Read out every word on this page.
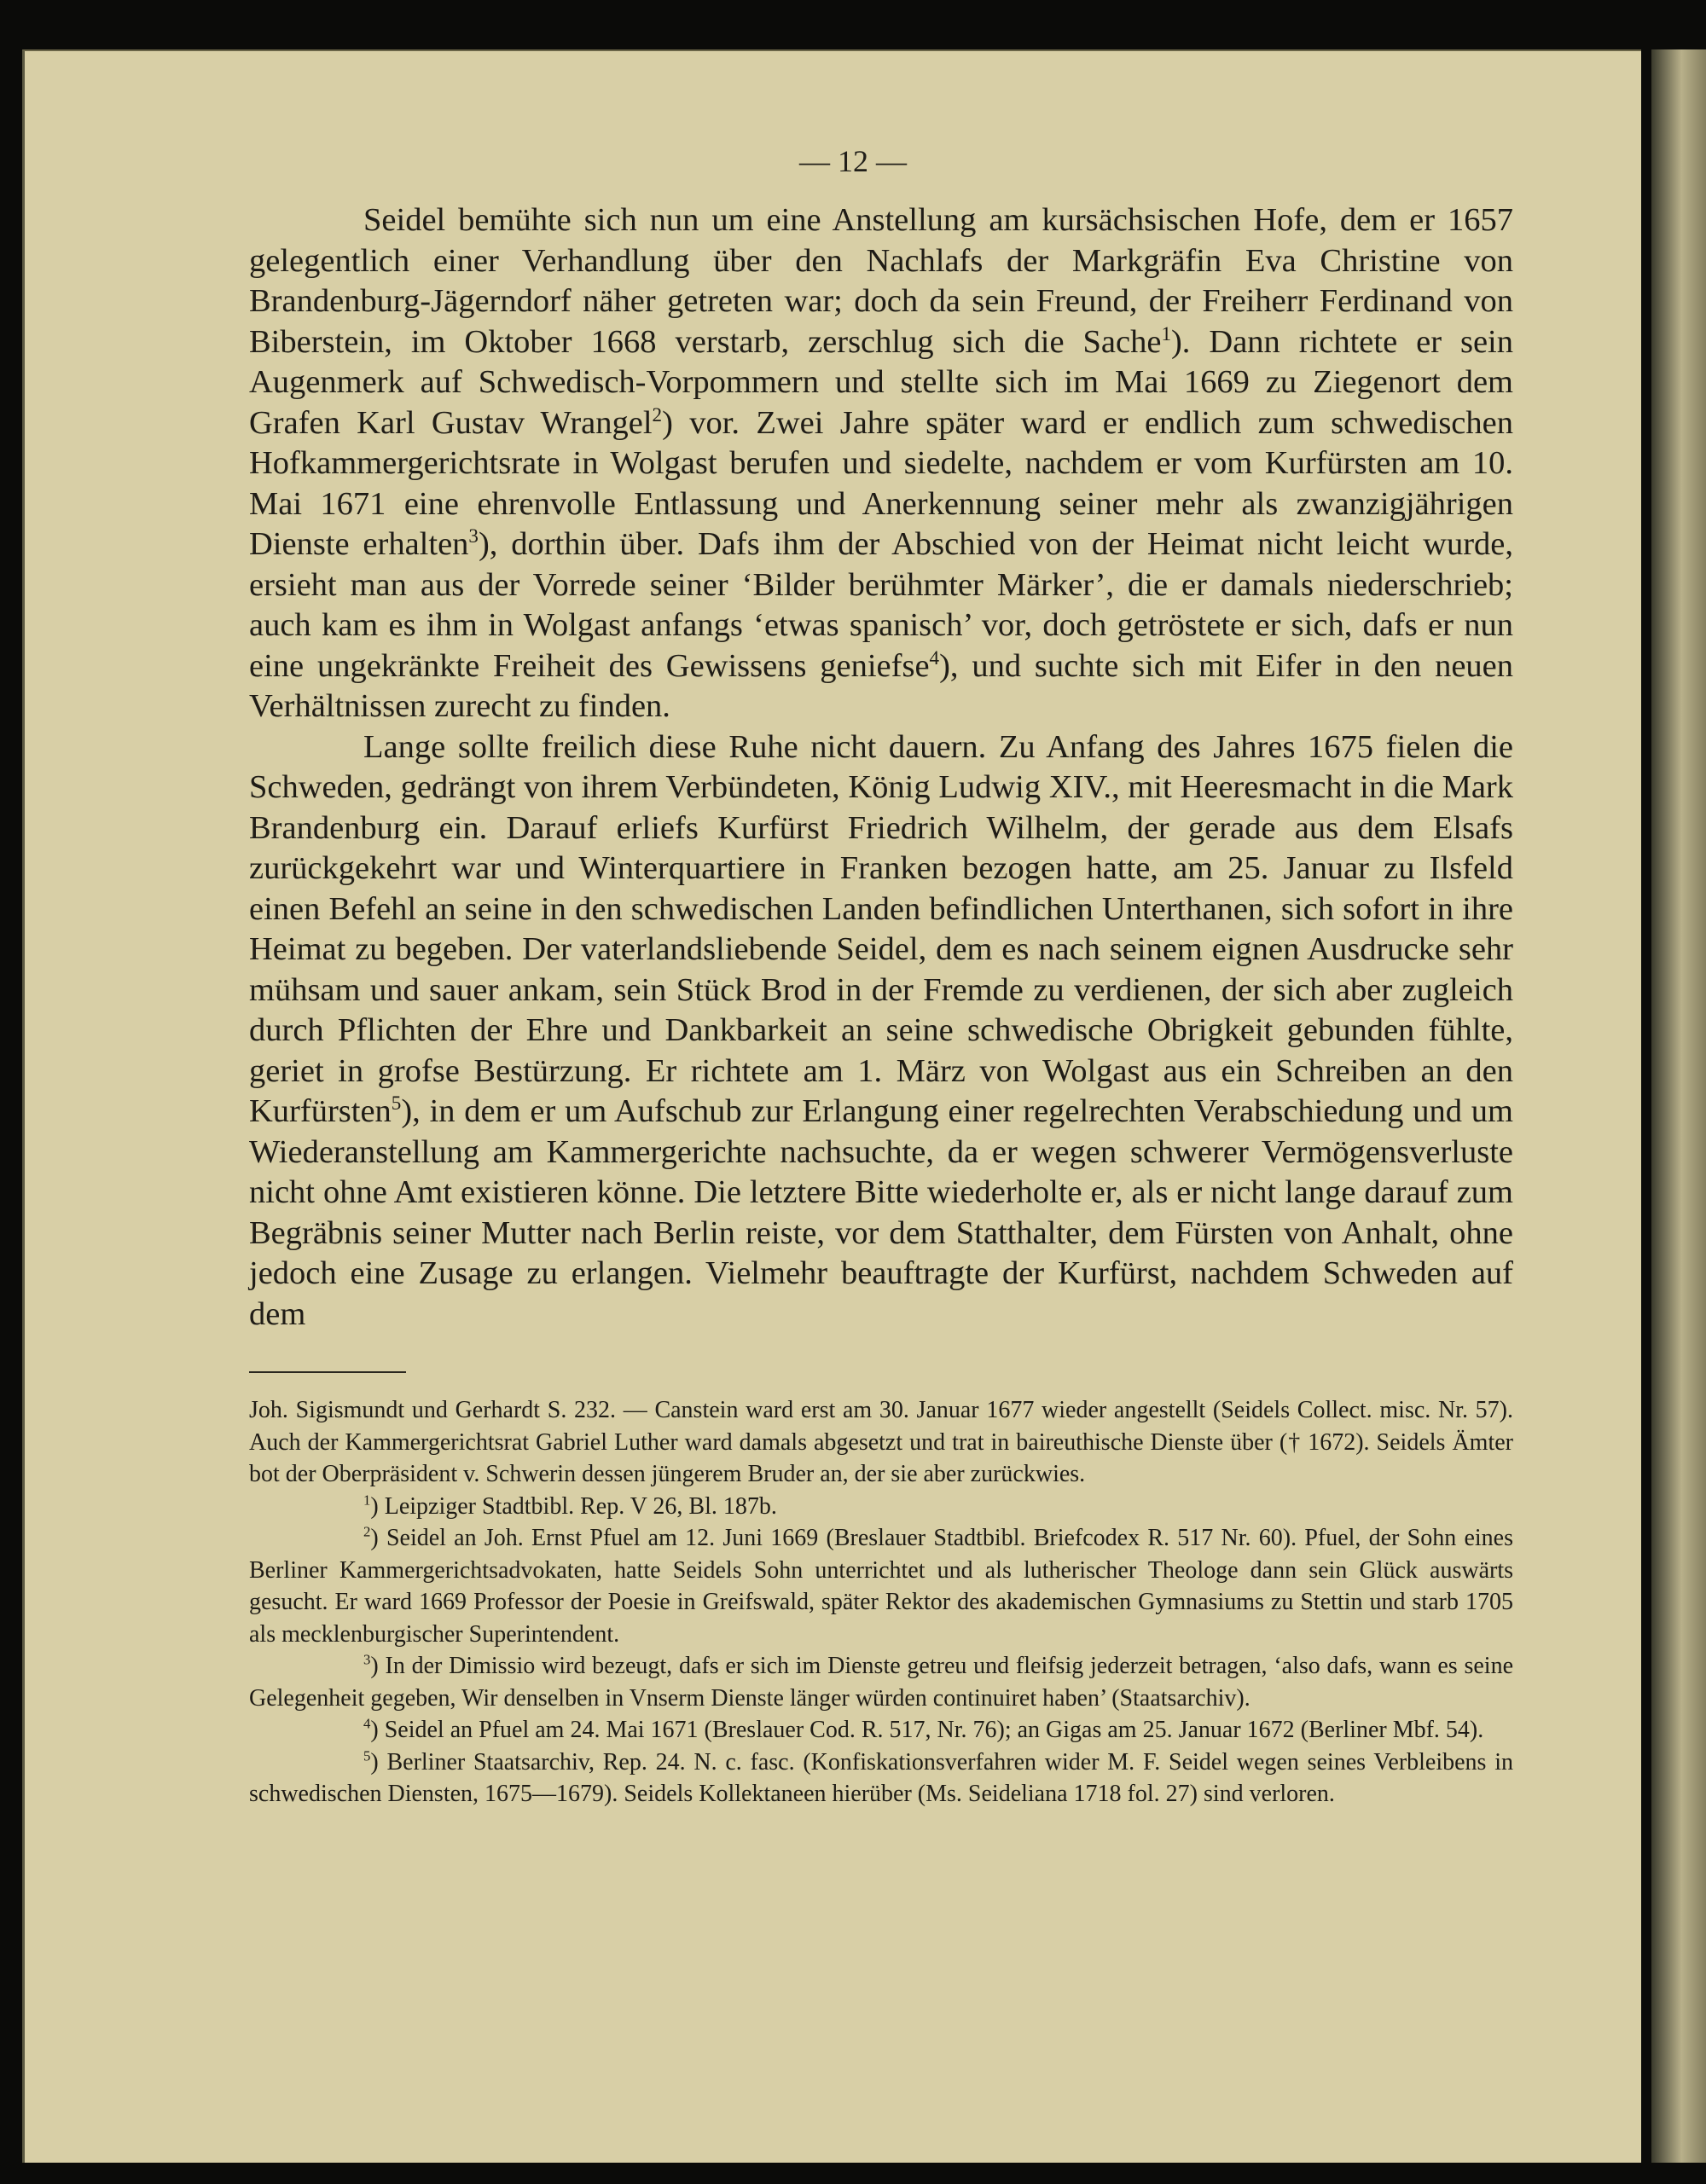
— 12 —

Seidel bemühte sich nun um eine Anstellung am kursächsischen Hofe, dem er 1657 gelegentlich einer Verhandlung über den Nachlafs der Markgräfin Eva Christine von Brandenburg-Jägerndorf näher getreten war; doch da sein Freund, der Freiherr Ferdinand von Biberstein, im Oktober 1668 verstarb, zerschlug sich die Sache$^1$). Dann richtete er sein Augenmerk auf Schwedisch-Vorpommern und stellte sich im Mai 1669 zu Ziegenort dem Grafen Karl Gustav Wrangel$^2$) vor. Zwei Jahre später ward er endlich zum schwedischen Hofkammergerichtsrate in Wolgast berufen und siedelte, nachdem er vom Kurfürsten am 10. Mai 1671 eine ehrenvolle Entlassung und Anerkennung seiner mehr als zwanzigjährigen Dienste erhalten$^3$), dorthin über. Dafs ihm der Abschied von der Heimat nicht leicht wurde, ersieht man aus der Vorrede seiner ‘Bilder berühmter Märker’, die er damals niederschrieb; auch kam es ihm in Wolgast anfangs ‘etwas spanisch’ vor, doch getröstete er sich, dafs er nun eine ungekränkte Freiheit des Gewissens geniefse$^4$), und suchte sich mit Eifer in den neuen Verhältnissen zurecht zu finden.

Lange sollte freilich diese Ruhe nicht dauern. Zu Anfang des Jahres 1675 fielen die Schweden, gedrängt von ihrem Verbündeten, König Ludwig XIV., mit Heeresmacht in die Mark Brandenburg ein. Darauf erliefs Kurfürst Friedrich Wilhelm, der gerade aus dem Elsafs zurückgekehrt war und Winterquartiere in Franken bezogen hatte, am 25. Januar zu Ilsfeld einen Befehl an seine in den schwedischen Landen befindlichen Unterthanen, sich sofort in ihre Heimat zu begeben. Der vaterlandsliebende Seidel, dem es nach seinem eignen Ausdrucke sehr mühsam und sauer ankam, sein Stück Brod in der Fremde zu verdienen, der sich aber zugleich durch Pflichten der Ehre und Dankbarkeit an seine schwedische Obrigkeit gebunden fühlte, geriet in grofse Bestürzung. Er richtete am 1. März von Wolgast aus ein Schreiben an den Kurfürsten$^5$), in dem er um Aufschub zur Erlangung einer regelrechten Verabschiedung und um Wiederanstellung am Kammergerichte nachsuchte, da er wegen schwerer Vermögensverluste nicht ohne Amt existieren könne. Die letztere Bitte wiederholte er, als er nicht lange darauf zum Begräbnis seiner Mutter nach Berlin reiste, vor dem Statthalter, dem Fürsten von Anhalt, ohne jedoch eine Zusage zu erlangen. Vielmehr beauftragte der Kurfürst, nachdem Schweden auf dem

Joh. Sigismundt und Gerhardt S. 232. — Canstein ward erst am 30. Januar 1677 wieder angestellt (Seidels Collect. misc. Nr. 57). Auch der Kammergerichtsrat Gabriel Luther ward damals abgesetzt und trat in baireuthische Dienste über († 1672). Seidels Ämter bot der Oberpräsident v. Schwerin dessen jüngerem Bruder an, der sie aber zurückwies.

$^1$) Leipziger Stadtbibl. Rep. V 26, Bl. 187b.

$^2$) Seidel an Joh. Ernst Pfuel am 12. Juni 1669 (Breslauer Stadtbibl. Briefcodex R. 517 Nr. 60). Pfuel, der Sohn eines Berliner Kammergerichtsadvokaten, hatte Seidels Sohn unterrichtet und als lutherischer Theologe dann sein Glück auswärts gesucht. Er ward 1669 Professor der Poesie in Greifswald, später Rektor des akademischen Gymnasiums zu Stettin und starb 1705 als mecklenburgischer Superintendent.

$^3$) In der Dimissio wird bezeugt, dafs er sich im Dienste getreu und fleifsig jederzeit betragen, ‘also dafs, wann es seine Gelegenheit gegeben, Wir denselben in Vnserm Dienste länger würden continuiret haben’ (Staatsarchiv).

$^4$) Seidel an Pfuel am 24. Mai 1671 (Breslauer Cod. R. 517, Nr. 76); an Gigas am 25. Januar 1672 (Berliner Mbf. 54).

$^5$) Berliner Staatsarchiv, Rep. 24. N. c. fasc. (Konfiskationsverfahren wider M. F. Seidel wegen seines Verbleibens in schwedischen Diensten, 1675—1679). Seidels Kollektaneen hierüber (Ms. Seideliana 1718 fol. 27) sind verloren.
